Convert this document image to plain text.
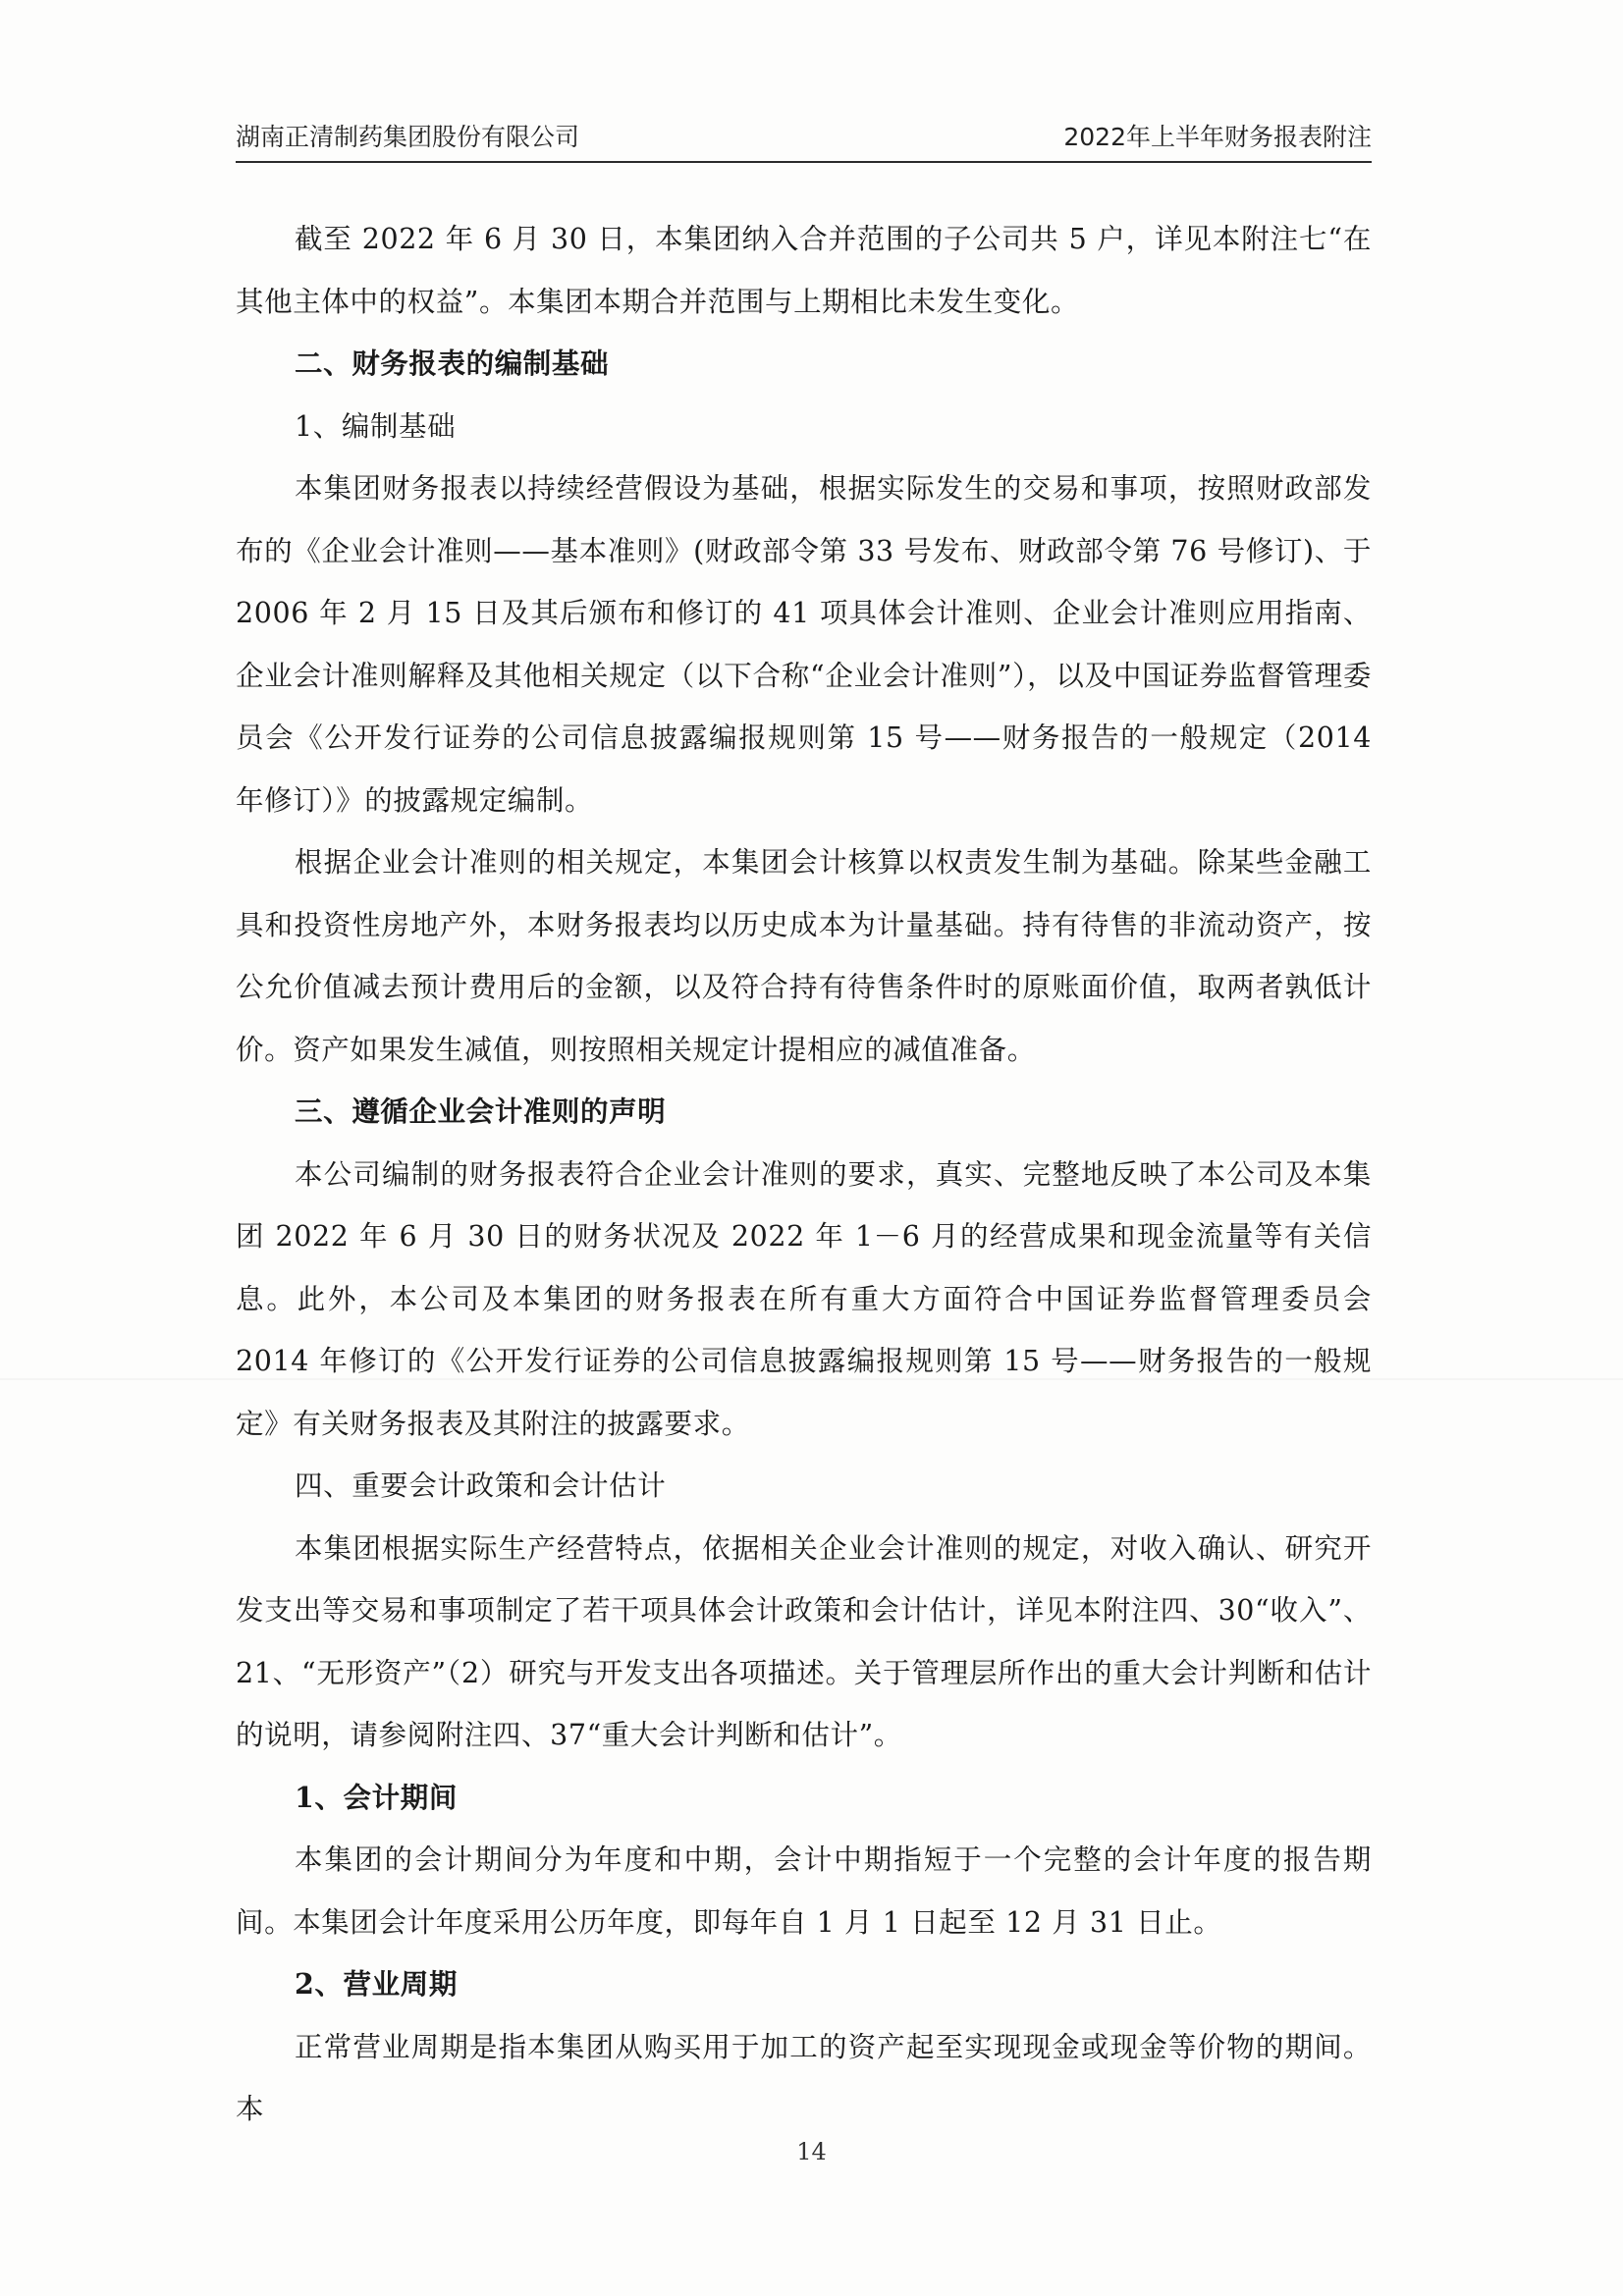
湖南正清制药集团股份有限公司	2022年上半年财务报表附注

截至 2022 年 6 月 30 日，本集团纳入合并范围的子公司共 5 户，详见本附注七“在其他主体中的权益”。本集团本期合并范围与上期相比未发生变化。

二、财务报表的编制基础
1、编制基础

本集团财务报表以持续经营假设为基础，根据实际发生的交易和事项，按照财政部发布的《企业会计准则——基本准则》(财政部令第 33 号发布、财政部令第 76 号修订)、于 2006 年 2 月 15 日及其后颁布和修订的 41 项具体会计准则、企业会计准则应用指南、企业会计准则解释及其他相关规定（以下合称“企业会计准则”），以及中国证券监督管理委员会《公开发行证券的公司信息披露编报规则第 15 号——财务报告的一般规定（2014 年修订）》的披露规定编制。

根据企业会计准则的相关规定，本集团会计核算以权责发生制为基础。除某些金融工具和投资性房地产外，本财务报表均以历史成本为计量基础。持有待售的非流动资产，按公允价值减去预计费用后的金额，以及符合持有待售条件时的原账面价值，取两者孰低计价。资产如果发生减值，则按照相关规定计提相应的减值准备。

三、遵循企业会计准则的声明

本公司编制的财务报表符合企业会计准则的要求，真实、完整地反映了本公司及本集团 2022 年 6 月 30 日的财务状况及 2022 年 1－6 月的经营成果和现金流量等有关信息。此外，本公司及本集团的财务报表在所有重大方面符合中国证券监督管理委员会 2014 年修订的《公开发行证券的公司信息披露编报规则第 15 号——财务报告的一般规定》有关财务报表及其附注的披露要求。

四、重要会计政策和会计估计

本集团根据实际生产经营特点，依据相关企业会计准则的规定，对收入确认、研究开发支出等交易和事项制定了若干项具体会计政策和会计估计，详见本附注四、30“收入”、21、“无形资产”（2）研究与开发支出各项描述。关于管理层所作出的重大会计判断和估计的说明，请参阅附注四、37“重大会计判断和估计”。

1、会计期间

本集团的会计期间分为年度和中期，会计中期指短于一个完整的会计年度的报告期间。本集团会计年度采用公历年度，即每年自 1 月 1 日起至 12 月 31 日止。

2、营业周期

正常营业周期是指本集团从购买用于加工的资产起至实现现金或现金等价物的期间。本

14
